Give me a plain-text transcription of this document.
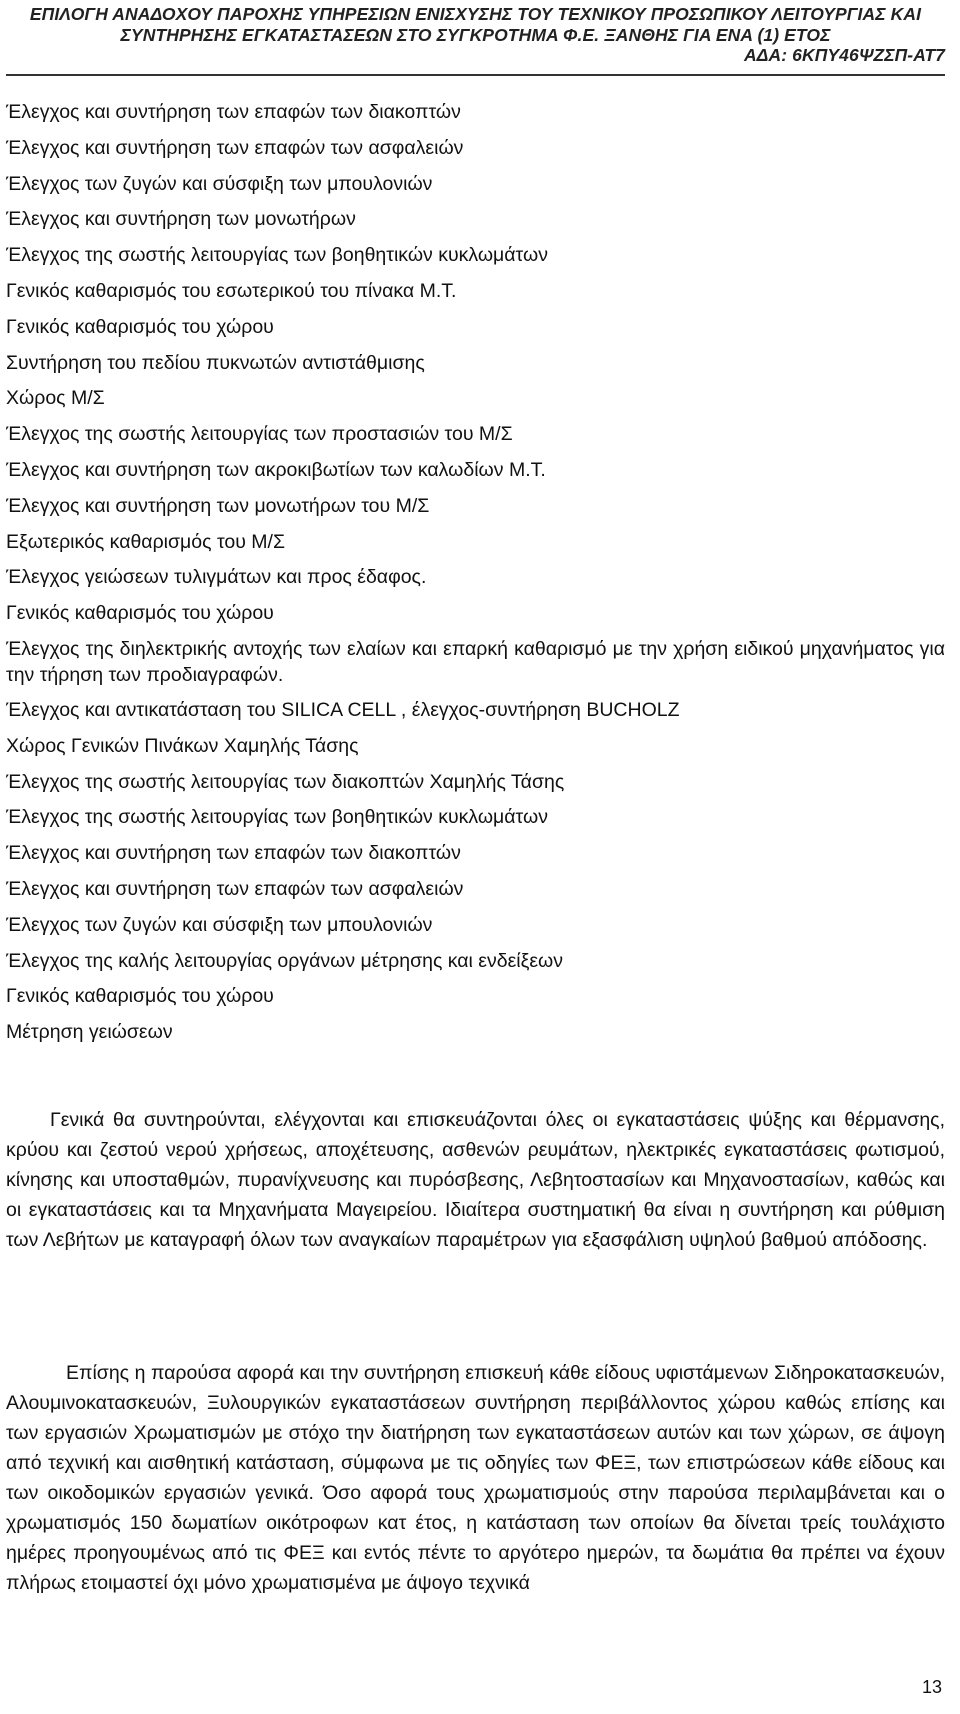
ΕΠΙΛΟΓΗ ΑΝΑΔΟΧΟΥ ΠΑΡΟΧΗΣ ΥΠΗΡΕΣΙΩΝ ΕΝΙΣΧΥΣΗΣ ΤΟΥ ΤΕΧΝΙΚΟΥ ΠΡΟΣΩΠΙΚΟΥ ΛΕΙΤΟΥΡΓΙΑΣ ΚΑΙ
ΣΥΝΤΗΡΗΣΗΣ ΕΓΚΑΤΑΣΤΑΣΕΩΝ ΣΤΟ ΣΥΓΚΡΟΤΗΜΑ Φ.Ε. ΞΑΝΘΗΣ ΓΙΑ ΕΝΑ (1) ΕΤΟΣ
ΑΔΑ: 6ΚΠΥ46ΨΖΣΠ-ΑΤ7
Έλεγχος και συντήρηση των επαφών των διακοπτών
Έλεγχος και συντήρηση των επαφών των ασφαλειών
Έλεγχος των ζυγών και σύσφιξη των μπουλονιών
Έλεγχος και συντήρηση των μονωτήρων
Έλεγχος της σωστής λειτουργίας των βοηθητικών κυκλωμάτων
Γενικός καθαρισμός του εσωτερικού του πίνακα Μ.Τ.
Γενικός καθαρισμός του χώρου
Συντήρηση του πεδίου πυκνωτών αντιστάθμισης
Χώρος Μ/Σ
Έλεγχος της σωστής λειτουργίας των προστασιών του Μ/Σ
Έλεγχος και συντήρηση των ακροκιβωτίων των καλωδίων Μ.Τ.
Έλεγχος και συντήρηση των μονωτήρων του Μ/Σ
Εξωτερικός καθαρισμός του Μ/Σ
Έλεγχος γειώσεων τυλιγμάτων και προς έδαφος.
Γενικός καθαρισμός του χώρου
Έλεγχος της διηλεκτρικής αντοχής των ελαίων και επαρκή καθαρισμό με την χρήση ειδικού μηχανήματος για την τήρηση των προδιαγραφών.
Έλεγχος και αντικατάσταση του SILICA CELL , έλεγχος-συντήρηση BUCHOLZ
Χώρος Γενικών Πινάκων Χαμηλής Τάσης
Έλεγχος της σωστής λειτουργίας των διακοπτών Χαμηλής Τάσης
Έλεγχος της σωστής λειτουργίας των βοηθητικών κυκλωμάτων
Έλεγχος και συντήρηση των επαφών των διακοπτών
Έλεγχος και συντήρηση των επαφών των ασφαλειών
Έλεγχος των ζυγών και σύσφιξη των μπουλονιών
Έλεγχος της καλής λειτουργίας οργάνων μέτρησης και ενδείξεων
Γενικός καθαρισμός του χώρου
Μέτρηση γειώσεων

Γενικά θα συντηρούνται, ελέγχονται και επισκευάζονται όλες οι εγκαταστάσεις ψύξης και θέρμανσης, κρύου και ζεστού νερού χρήσεως, αποχέτευσης, ασθενών ρευμάτων, ηλεκτρικές εγκαταστάσεις φωτισμού, κίνησης και υποσταθμών, πυρανίχνευσης και πυρόσβεσης, Λεβητοστασίων και Μηχανοστασίων, καθώς και οι εγκαταστάσεις και τα Μηχανήματα Μαγειρείου. Ιδιαίτερα συστηματική θα είναι η συντήρηση και ρύθμιση των Λεβήτων με καταγραφή όλων των αναγκαίων παραμέτρων για εξασφάλιση υψηλού βαθμού απόδοσης.

Επίσης η παρούσα αφορά και την συντήρηση επισκευή κάθε είδους υφιστάμενων Σιδηροκατασκευών, Αλουμινοκατασκευών, Ξυλουργικών εγκαταστάσεων συντήρηση περιβάλλοντος χώρου καθώς επίσης και των εργασιών Χρωματισμών με στόχο την διατήρηση των εγκαταστάσεων αυτών και των χώρων, σε άψογη από τεχνική και αισθητική κατάσταση, σύμφωνα με τις οδηγίες των ΦΕΞ, των επιστρώσεων κάθε είδους και των οικοδομικών εργασιών γενικά. Όσο αφορά τους χρωματισμούς στην παρούσα περιλαμβάνεται και ο χρωματισμός 150 δωματίων οικότροφων κατ έτος, η κατάσταση των οποίων θα δίνεται τρείς τουλάχιστο ημέρες προηγουμένως από τις ΦΕΞ και εντός πέντε το αργότερο ημερών, τα δωμάτια θα πρέπει να έχουν πλήρως ετοιμαστεί όχι μόνο χρωματισμένα με άψογο τεχνικά

13
